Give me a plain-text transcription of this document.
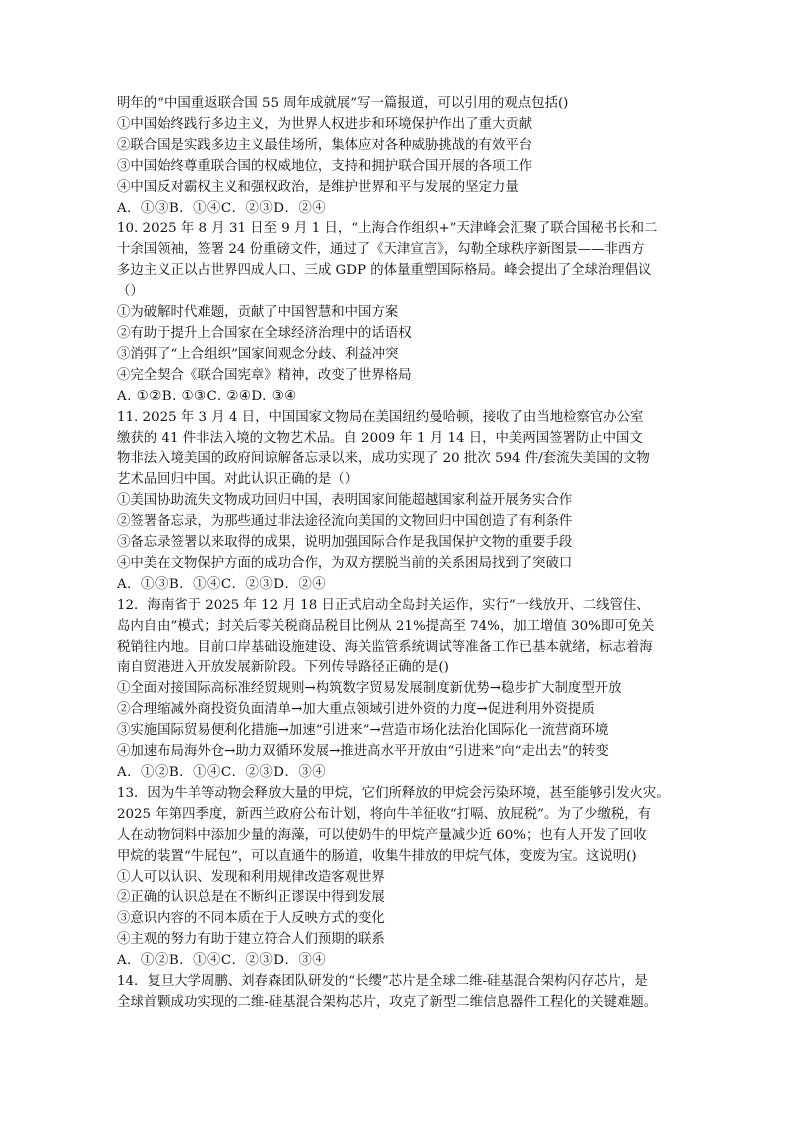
明年的“中国重返联合国 55 周年成就展”写一篇报道，可以引用的观点包括()
①中国始终践行多边主义，为世界人权进步和环境保护作出了重大贡献
②联合国是实践多边主义最佳场所，集体应对各种威胁挑战的有效平台
③中国始终尊重联合国的权威地位，支持和拥护联合国开展的各项工作
④中国反对霸权主义和强权政治，是维护世界和平与发展的坚定力量
A．①③B．①④C．②③D．②④
10. 2025 年 8 月 31 日至 9 月 1 日，“上海合作组织+”天津峰会汇聚了联合国秘书长和二
十余国领袖，签署 24 份重磅文件，通过了《天津宣言》，勾勒全球秩序新图景——非西方
多边主义正以占世界四成人口、三成 GDP 的体量重塑国际格局。峰会提出了全球治理倡议
（）
①为破解时代难题，贡献了中国智慧和中国方案
②有助于提升上合国家在全球经济治理中的话语权
③消弭了“上合组织”国家间观念分歧、利益冲突
④完全契合《联合国宪章》精神，改变了世界格局
A. ①②B. ①③C. ②④D. ③④
11. 2025 年 3 月 4 日，中国国家文物局在美国纽约曼哈顿，接收了由当地检察官办公室
缴获的 41 件非法入境的文物艺术品。自 2009 年 1 月 14 日，中美两国签署防止中国文
物非法入境美国的政府间谅解备忘录以来，成功实现了 20 批次 594 件/套流失美国的文物
艺术品回归中国。对此认识正确的是（）
①美国协助流失文物成功回归中国，表明国家间能超越国家利益开展务实合作
②签署备忘录，为那些通过非法途径流向美国的文物回归中国创造了有利条件
③备忘录签署以来取得的成果，说明加强国际合作是我国保护文物的重要手段
④中美在文物保护方面的成功合作，为双方摆脱当前的关系困局找到了突破口
A．①③B．①④C．②③D．②④
12．海南省于 2025 年 12 月 18 日正式启动全岛封关运作，实行“一线放开、二线管住、
岛内自由”模式；封关后零关税商品税目比例从 21%提高至 74%，加工增值 30%即可免关
税销往内地。目前口岸基础设施建设、海关监管系统调试等准备工作已基本就绪，标志着海
南自贸港进入开放发展新阶段。下列传导路径正确的是()
①全面对接国际高标准经贸规则→构筑数字贸易发展制度新优势→稳步扩大制度型开放
②合理缩减外商投资负面清单→加大重点领域引进外资的力度→促进利用外资提质
③实施国际贸易便利化措施→加速“引进来”→营造市场化法治化国际化一流营商环境
④加速布局海外仓→助力双循环发展→推进高水平开放由“引进来”向“走出去”的转变
A．①②B．①④C．②③D．③④
13．因为牛羊等动物会释放大量的甲烷，它们所释放的甲烷会污染环境，甚至能够引发火灾。
2025 年第四季度，新西兰政府公布计划，将向牛羊征收“打嗝、放屁税”。为了少缴税，有
人在动物饲料中添加少量的海藻，可以使奶牛的甲烷产量减少近 60%；也有人开发了回收
甲烷的装置“牛屁包”，可以直通牛的肠道，收集牛排放的甲烷气体，变废为宝。这说明()
①人可以认识、发现和利用规律改造客观世界
②正确的认识总是在不断纠正谬误中得到发展
③意识内容的不同本质在于人反映方式的变化
④主观的努力有助于建立符合人们预期的联系
A．①②B．①④C．②③D．③④
14．复旦大学周鹏、刘春森团队研发的“长缨”芯片是全球二维-硅基混合架构闪存芯片，是
全球首颗成功实现的二维-硅基混合架构芯片，攻克了新型二维信息器件工程化的关键难题。
